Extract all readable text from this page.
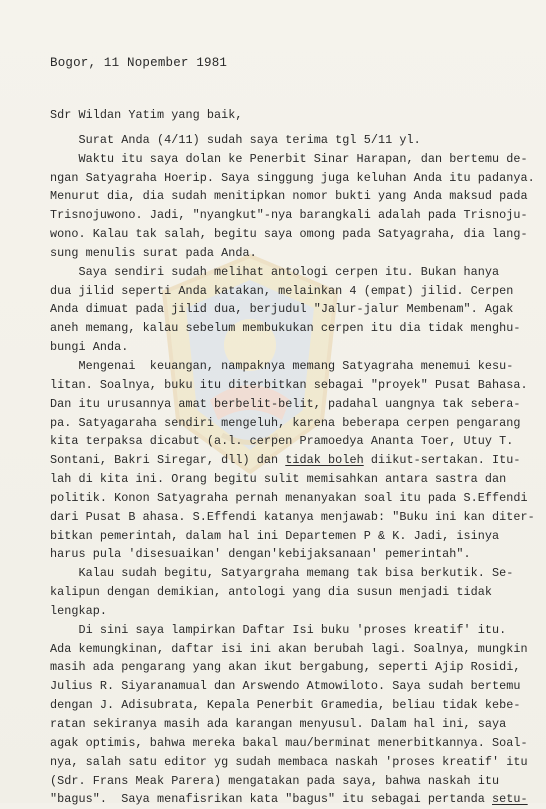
Bogor, 11 Nopember 1981
Sdr Wildan Yatim yang baik,
Surat Anda (4/11) sudah saya terima tgl 5/11 yl.
Waktu itu saya dolan ke Penerbit Sinar Harapan, dan bertemu de-
ngan Satyagraha Hoerip. Saya singgung juga keluhan Anda itu padanya.
Menurut dia, dia sudah menitipkan nomor bukti yang Anda maksud pada
Trisnojuwono. Jadi, "nyangkut"-nya barangkali adalah pada Trisnoju-
wono. Kalau tak salah, begitu saya omong pada Satyagraha, dia lang-
sung menulis surat pada Anda.
Saya sendiri sudah melihat antologi cerpen itu. Bukan hanya
dua jilid seperti Anda katakan, melainkan 4 (empat) jilid. Cerpen
Anda dimuat pada jilid dua, berjudul "Jalur-jalur Membenam". Agak
aneh memang, kalau sebelum membukukan cerpen itu dia tidak menghu-
bungi Anda.
Mengenai  keuangan, nampaknya memang Satyagraha menemui kesu-
litan. Soalnya, buku itu diterbitkan sebagai "proyek" Pusat Bahasa.
Dan itu urusannya amat berbelit-belit, padahal uangnya tak sebera-
pa. Satyagaraha sendiri mengeluh, karena beberapa cerpen pengarang
kita terpaksa dicabut (a.l. cerpen Pramoedya Ananta Toer, Utuy T.
Sontani, Bakri Siregar, dll) dan tidak boleh diikut-sertakan. Itu-
lah di kita ini. Orang begitu sulit memisahkan antara sastra dan
politik. Konon Satyagraha pernah menanyakan soal itu pada S.Effendi
dari Pusat B ahasa. S.Effendi katanya menjawab: "Buku ini kan diter-
bitkan pemerintah, dalam hal ini Departemen P & K. Jadi, isinya
harus pula 'disesuaikan' dengan'kebijaksanaan' pemerintah".
Kalau sudah begitu, Satyargraha memang tak bisa berkutik. Se-
kalipun dengan demikian, antologi yang dia susun menjadi tidak
lengkap.
Di sini saya lampirkan Daftar Isi buku 'proses kreatif' itu.
Ada kemungkinan, daftar isi ini akan berubah lagi. Soalnya, mungkin
masih ada pengarang yang akan ikut bergabung, seperti Ajip Rosidi,
Julius R. Siyaranamual dan Arswendo Atmowiloto. Saya sudah bertemu
dengan J. Adisubrata, Kepala Penerbit Gramedia, beliau tidak kebe-
ratan sekiranya masih ada karangan menyusul. Dalam hal ini, saya
agak optimis, bahwa mereka bakal mau/berminat menerbitkannya. Soal-
nya, salah satu editor yg sudah membaca naskah 'proses kreatif' itu
(Sdr. Frans Meak Parera) mengatakan pada saya, bahwa naskah itu
"bagus".  Saya menafisrikan kata "bagus" itu sebagai pertanda setu-
